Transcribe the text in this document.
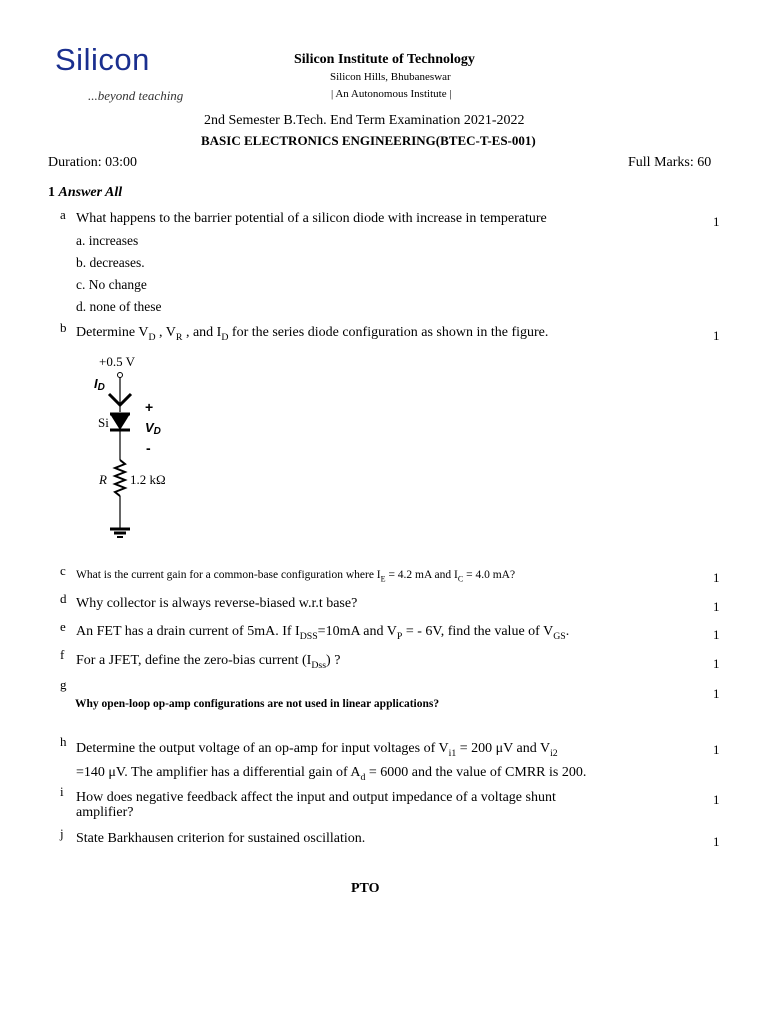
Silicon
...beyond teaching
Silicon Institute of Technology
Silicon Hills, Bhubaneswar
| An Autonomous Institute |
2nd Semester B.Tech. End Term Examination 2021-2022
BASIC ELECTRONICS ENGINEERING(BTEC-T-ES-001)
Duration: 03:00	Full Marks: 60
1 Answer All
a What happens to the barrier potential of a silicon diode with increase in temperature	1
a. increases
b. decreases.
c. No change
d. none of these
b Determine $V_D$ , $V_R$ , and $I_D$ for the series diode configuration as shown in the figure.	1
+0.5 V
ID
Si
+
VD
-
R 1.2 kΩ
c What is the current gain for a common-base configuration where $I_E = 4.2$ mA and $I_C = 4.0$ mA?	1
d Why collector is always reverse-biased w.r.t base?	1
e An FET has a drain current of 5mA. If $I_{DSS}=10mA$ and $V_P$ = - 6V, find the value of $V_{GS}$.	1
f For a JFET, define the zero-bias current $(I_{Dss})$ ?	1
g
1
Why open-loop op-amp configurations are not used in linear applications?
h Determine the output voltage of an op-amp for input voltages of $V_{i1} = 200$ μV and $V_{i2}$
=140 μV. The amplifier has a differential gain of $A_d = 6000$ and the value of CMRR is 200.
1
i How does negative feedback affect the input and output impedance of a voltage shunt
amplifier?
1
j State Barkhausen criterion for sustained oscillation.	1
PTO
